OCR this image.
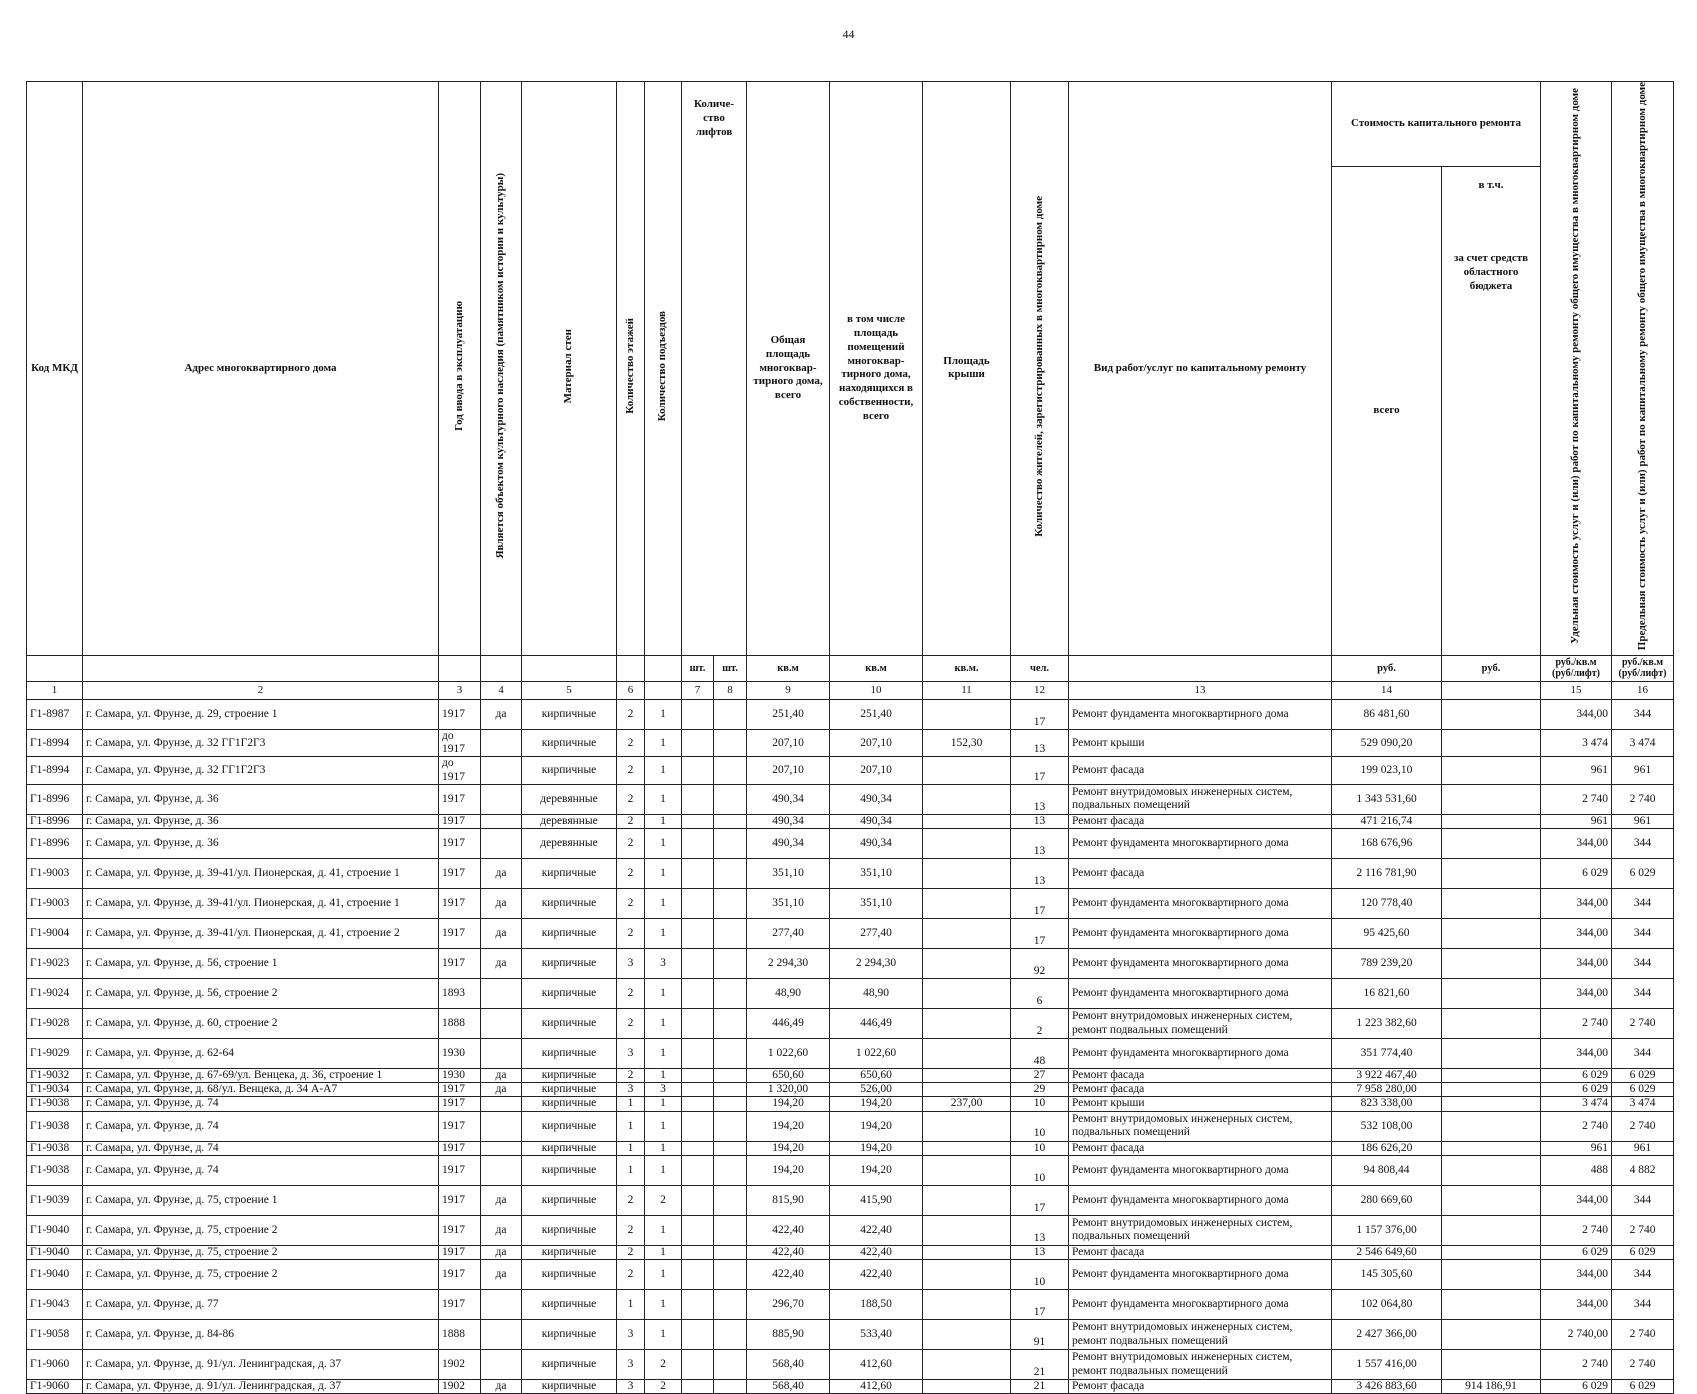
44
Код МКД	Адрес многоквартирного дома	Год ввода в эксплуатацию	Является объектом культурного наследия (памятником истории и культуры)	Материал стен	Количество этажей	Количество подъездов	Количе-ство лифтов		Общая площадь многоквар-тирного дома, всего	в том числе площадь помещений многоквар-тирного дома, находящихся в собственности, всего	Площадь крыши	Количество жителей, зарегистрированных в многоквартирном доме	Вид работ/услуг по капитальному ремонту	Стоимость капитального ремонта		Удельная стоимость услуг и (или) работ по капитальному ремонту общего имущества в многоквартирном доме	Предельная стоимость услуг и (или) работ по капитальному ремонту общего имущества в многоквартирном доме	
														всего	в т.ч.
за счет средств областного бюджета			

							шт.	шт.	кв.м	кв.м	кв.м.	чел.		руб.	руб.	руб./кв.м (руб/лифт)	руб./кв.м (руб/лифт)	
1	2	3	4	5	6		7	8	9	10	11	12	13	14		15	16	
Г1-8987	г. Самара, ул. Фрунзе, д. 29, строение 1	1917	да	кирпичные	2	1			251,40	251,40		17	Ремонт фундамента многоквартирного дома	86 481,60		344,00	344	
Г1-8994	г. Самара, ул. Фрунзе, д. 32 ГГ1Г2Г3	до 1917		кирпичные	2	1			207,10	207,10	152,30	13	Ремонт крыши	529 090,20		3 474	3 474	
Г1-8994	г. Самара, ул. Фрунзе, д. 32 ГГ1Г2Г3	до 1917		кирпичные	2	1			207,10	207,10		17	Ремонт фасада	199 023,10		961	961	
Г1-8996	г. Самара, ул. Фрунзе, д. 36	1917		деревянные	2	1			490,34	490,34		13	Ремонт внутридомовых инженерных систем, подвальных помещений	1 343 531,60		2 740	2 740	
Г1-8996	г. Самара, ул. Фрунзе, д. 36	1917		деревянные	2	1			490,34	490,34		13	Ремонт фасада	471 216,74		961	961	
Г1-8996	г. Самара, ул. Фрунзе, д. 36	1917		деревянные	2	1			490,34	490,34		13	Ремонт фундамента многоквартирного дома	168 676,96		344,00	344	
Г1-9003	г. Самара, ул. Фрунзе, д. 39-41/ул. Пионерская, д. 41, строение 1	1917	да	кирпичные	2	1			351,10	351,10		13	Ремонт фасада	2 116 781,90		6 029	6 029	
Г1-9003	г. Самара, ул. Фрунзе, д. 39-41/ул. Пионерская, д. 41, строение 1	1917	да	кирпичные	2	1			351,10	351,10		17	Ремонт фундамента многоквартирного дома	120 778,40		344,00	344	
Г1-9004	г. Самара, ул. Фрунзе, д. 39-41/ул. Пионерская, д. 41, строение 2	1917	да	кирпичные	2	1			277,40	277,40		17	Ремонт фундамента многоквартирного дома	95 425,60		344,00	344	
Г1-9023	г. Самара, ул. Фрунзе, д. 56, строение 1	1917	да	кирпичные	3	3			2 294,30	2 294,30		92	Ремонт фундамента многоквартирного дома	789 239,20		344,00	344	
Г1-9024	г. Самара, ул. Фрунзе, д. 56, строение 2	1893		кирпичные	2	1			48,90	48,90		6	Ремонт фундамента многоквартирного дома	16 821,60		344,00	344	
Г1-9028	г. Самара, ул. Фрунзе, д. 60, строение 2	1888		кирпичные	2	1			446,49	446,49		2	Ремонт внутридомовых инженерных систем, ремонт подвальных помещений	1 223 382,60		2 740	2 740	
Г1-9029	г. Самара, ул. Фрунзе, д. 62-64	1930		кирпичные	3	1			1 022,60	1 022,60		48	Ремонт фундамента многоквартирного дома	351 774,40		344,00	344	
Г1-9032	г. Самара, ул. Фрунзе, д. 67-69/ул. Венцека, д. 36, строение 1	1930	да	кирпичные	2	1			650,60	650,60		27	Ремонт фасада	3 922 467,40		6 029	6 029	
Г1-9034	г. Самара, ул. Фрунзе, д. 68/ул. Венцека, д. 34 А-А7	1917	да	кирпичные	3	3			1 320,00	526,00		29	Ремонт фасада	7 958 280,00		6 029	6 029	
Г1-9038	г. Самара, ул. Фрунзе, д. 74	1917		кирпичные	1	1			194,20	194,20	237,00	10	Ремонт крыши	823 338,00		3 474	3 474	
Г1-9038	г. Самара, ул. Фрунзе, д. 74	1917		кирпичные	1	1			194,20	194,20		10	Ремонт внутридомовых инженерных систем, подвальных помещений	532 108,00		2 740	2 740	
Г1-9038	г. Самара, ул. Фрунзе, д. 74	1917		кирпичные	1	1			194,20	194,20		10	Ремонт фасада	186 626,20		961	961	
Г1-9038	г. Самара, ул. Фрунзе, д. 74	1917		кирпичные	1	1			194,20	194,20		10	Ремонт фундамента многоквартирного дома	94 808,44		488	4 882	
Г1-9039	г. Самара, ул. Фрунзе, д. 75, строение 1	1917	да	кирпичные	2	2			815,90	415,90		17	Ремонт фундамента многоквартирного дома	280 669,60		344,00	344	
Г1-9040	г. Самара, ул. Фрунзе, д. 75, строение 2	1917	да	кирпичные	2	1			422,40	422,40		13	Ремонт внутридомовых инженерных систем, подвальных помещений	1 157 376,00		2 740	2 740	
Г1-9040	г. Самара, ул. Фрунзе, д. 75, строение 2	1917	да	кирпичные	2	1			422,40	422,40		13	Ремонт фасада	2 546 649,60		6 029	6 029	
Г1-9040	г. Самара, ул. Фрунзе, д. 75, строение 2	1917	да	кирпичные	2	1			422,40	422,40		10	Ремонт фундамента многоквартирного дома	145 305,60		344,00	344	
Г1-9043	г. Самара, ул. Фрунзе, д. 77	1917		кирпичные	1	1			296,70	188,50		17	Ремонт фундамента многоквартирного дома	102 064,80		344,00	344	
Г1-9058	г. Самара, ул. Фрунзе, д. 84-86	1888		кирпичные	3	1			885,90	533,40		91	Ремонт внутридомовых инженерных систем, ремонт подвальных помещений	2 427 366,00		2 740,00	2 740	
Г1-9060	г. Самара, ул. Фрунзе, д. 91/ул. Ленинградская, д. 37	1902		кирпичные	3	2			568,40	412,60		21	Ремонт внутридомовых инженерных систем, ремонт подвальных помещений	1 557 416,00		2 740	2 740	
Г1-9060	г. Самара, ул. Фрунзе, д. 91/ул. Ленинградская, д. 37	1902	да	кирпичные	3	2			568,40	412,60		21	Ремонт фасада	3 426 883,60	914 186,91	6 029	6 029	
